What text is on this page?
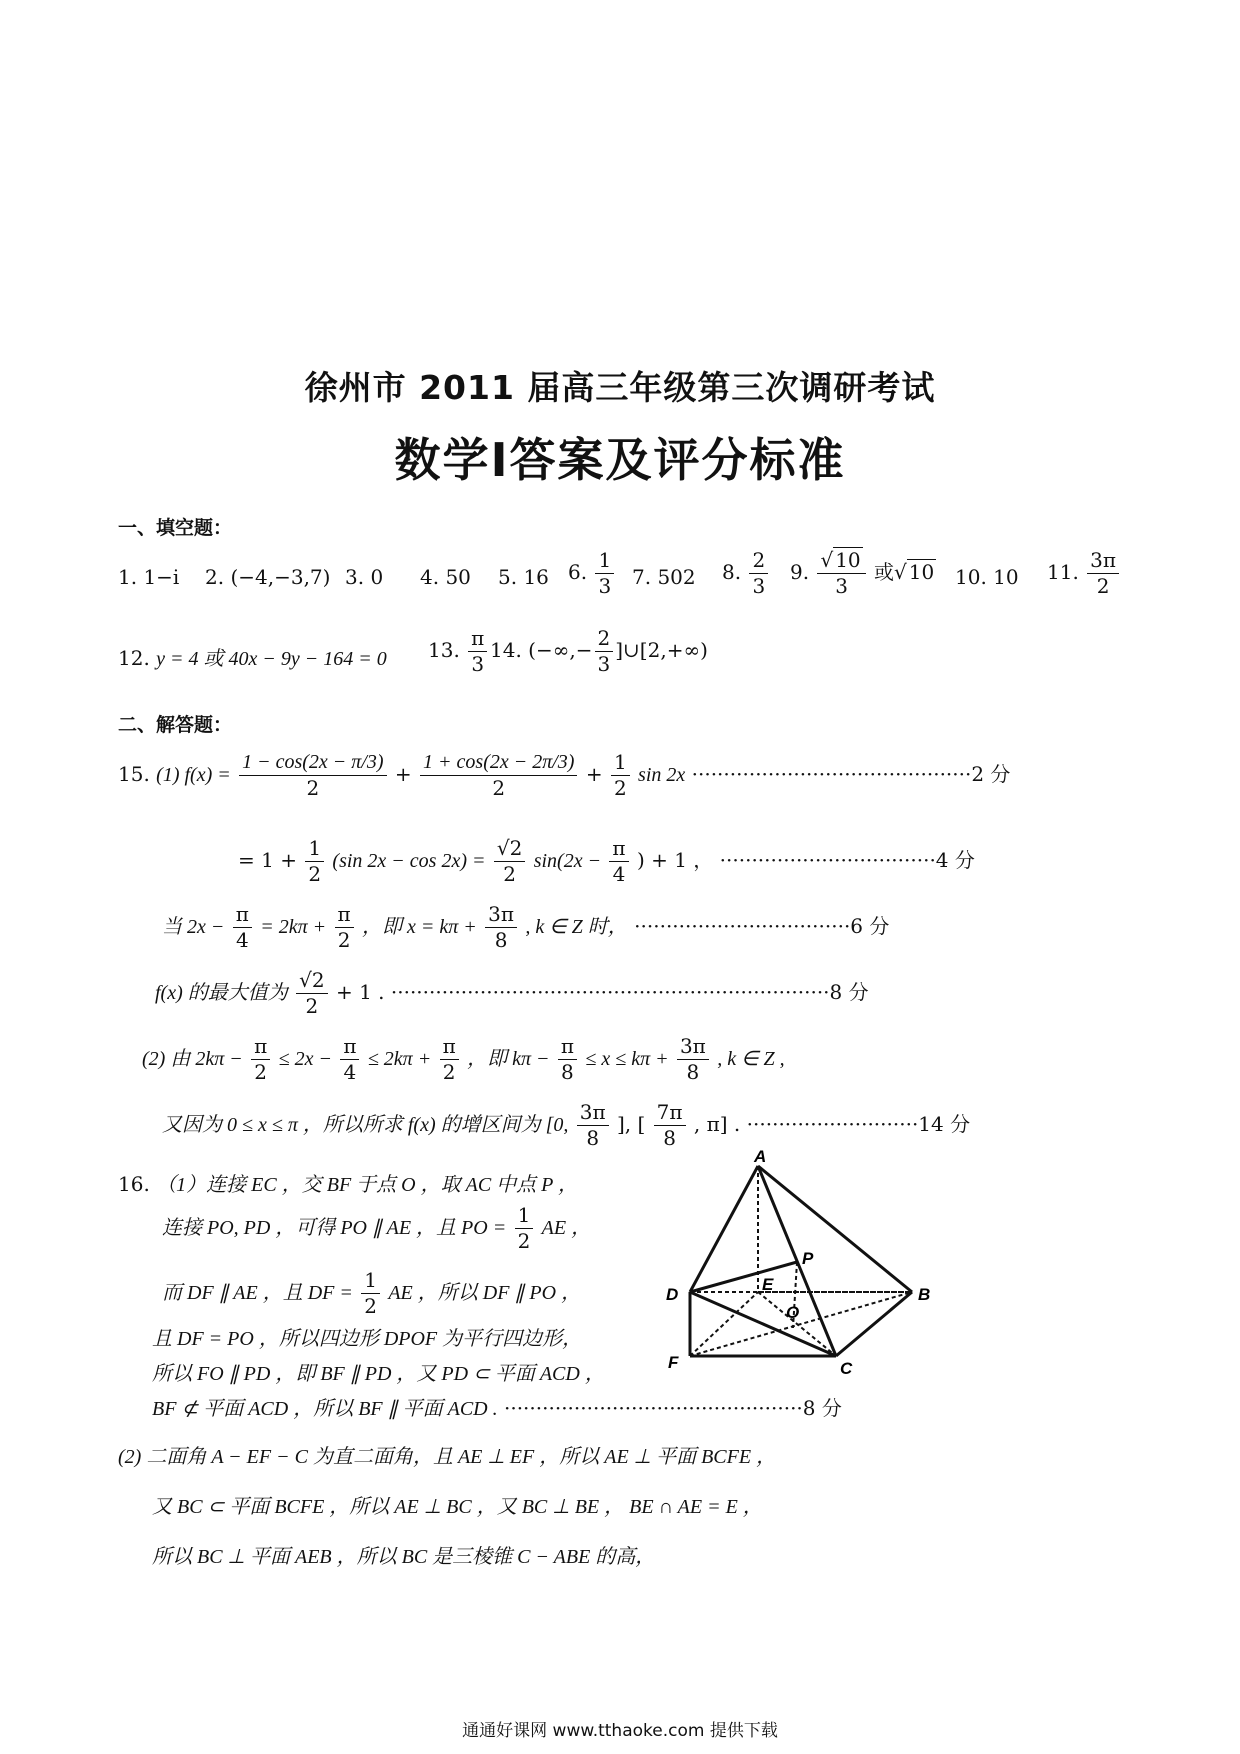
徐州市 2011 届高三年级第三次调研考试
数学Ⅰ答案及评分标准
一、填空题：
1. 1−i 2. (−4,−3,7) 3. 0 4. 50 5. 16 6. $\frac{1}{3} 7$. 502 8. $\frac{2}{3} 9$. $\frac{√ 10}{3}$ 或√ 10 10. 10 11. $\frac{3\pi}{2}$
12. y = 4 或 40x − 9y − 164 = 0 13. $\frac{\pi}{3} 14$. (−∞,− $\frac{2}{3}$ ]∪[2,+∞)
二、解答题：
15. (1) $f(x) = \frac{1 - \cos(2x - \pi/3)}{2} + \frac{1 + \cos(2x - 2\pi/3)}{2} + \frac{1}{2}$ sin 2x ············································2 分
= $1 + \frac{1}{2} (\sin$ $2x - \cos 2x) = \frac{√2}{2} \sin(2x - \frac{\pi}{4}$ ) + 1 ， ··································4 分
当 $2x - \frac{\pi}{4} = 2k\pi + \frac{\pi}{2}$ ，即 $x = k\pi + \frac{3\pi}{8}$ , k ∈ Z 时， ··································6 分
f(x) 的最大值为 $\frac{√2}{2} + 1$ . ·····································································8 分
(2) 由 $2k\pi - \frac{\pi}{2} \le 2x - \frac{\pi}{4} \le 2k\pi + \frac{\pi}{2}$ ，即 $k\pi - \frac{\pi}{8} \le x \le k\pi + \frac{3\pi}{8}$ , k ∈ Z ,
又因为 0 ≤ x ≤ π ，所以所求 f(x) 的增区间为 [0, $\frac{3\pi}{8}$ ], [ $\frac{7\pi}{8}$ , π] . ···························14 分
16. （1）连接 EC ，交 BF 于点 O ，取 AC 中点 P ，
连接 PO, PD ，可得 PO ∥ AE ，且 PO = $\frac{1}{2}$ AE ，
而 DF ∥ AE ，且 DF = $\frac{1}{2}$ AE ，所以 DF ∥ PO ，
且 DF = PO ，所以四边形 DPOF 为平行四边形，
所以 FO ∥ PD ，即 BF ∥ PD ，又 PD ⊂ 平面 ACD ，
BF ⊄ 平面 ACD ，所以 BF ∥ 平面 ACD . ···············································8 分
(2) 二面角 A − EF − C 为直二面角，且 AE ⊥ EF ，所以 AE ⊥ 平面 BCFE ，
又 BC ⊂ 平面 BCFE ，所以 AE ⊥ BC ，又 BC ⊥ BE ， BE ∩ AE = E ，
所以 BC ⊥ 平面 AEB ，所以 BC 是三棱锥 C − ABE 的高，
A
P
D
E
B
O
F	C
通通好课网 www.tthaoke.com 提供下载
